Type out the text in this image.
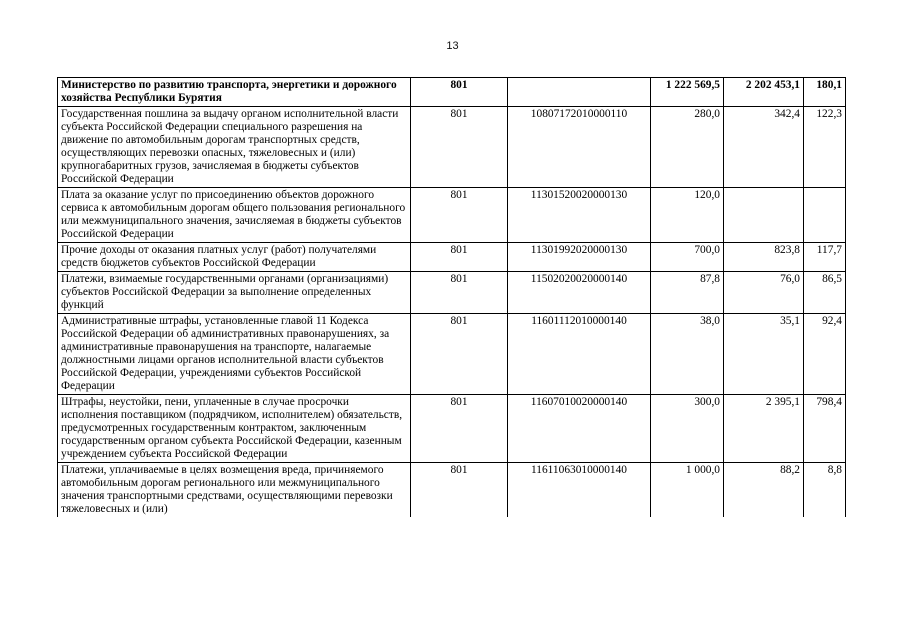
13
Министерство по развитию транспорта, энергетики и дорожного хозяйства Республики Бурятия	801		1 222 569,5	2 202 453,1	180,1
Государственная пошлина за выдачу органом исполнительной власти субъекта Российской Федерации специального разрешения на движение по автомобильным дорогам транспортных средств, осуществляющих перевозки опасных, тяжеловесных и (или) крупногабаритных грузов, зачисляемая в бюджеты субъектов Российской Федерации	801	10807172010000110	280,0	342,4	122,3
Плата за оказание услуг по присоединению объектов дорожного сервиса к автомобильным дорогам общего пользования регионального или межмуниципального значения, зачисляемая в бюджеты субъектов Российской Федерации	801	11301520020000130	120,0		
Прочие доходы от оказания платных услуг (работ) получателями средств бюджетов субъектов Российской Федерации	801	11301992020000130	700,0	823,8	117,7
Платежи, взимаемые государственными органами (организациями) субъектов Российской Федерации за выполнение определенных функций	801	11502020020000140	87,8	76,0	86,5
Административные штрафы, установленные главой 11 Кодекса Российской Федерации об административных правонарушениях, за административные правонарушения на транспорте, налагаемые должностными лицами органов исполнительной власти субъектов Российской Федерации, учреждениями субъектов Российской Федерации	801	11601112010000140	38,0	35,1	92,4
Штрафы, неустойки, пени, уплаченные в случае просрочки исполнения поставщиком (подрядчиком, исполнителем) обязательств, предусмотренных государственным контрактом, заключенным государственным органом субъекта Российской Федерации, казенным учреждением субъекта Российской Федерации	801	11607010020000140	300,0	2 395,1	798,4
Платежи, уплачиваемые в целях возмещения вреда, причиняемого автомобильным дорогам регионального или межмуниципального значения транспортными средствами, осуществляющими перевозки тяжеловесных и (или)	801	11611063010000140	1 000,0	88,2	8,8
